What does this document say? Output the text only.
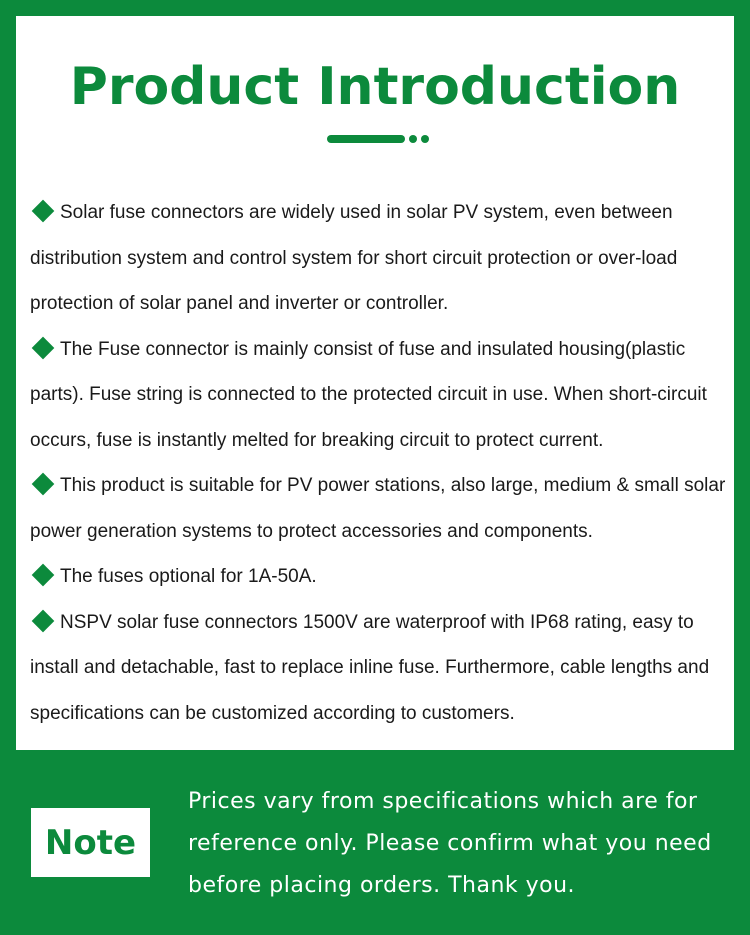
Product Introduction
Solar fuse connectors are widely used in solar PV system, even between distribution system and control system for short circuit protection or over-load protection of solar panel and inverter or controller.
The Fuse connector is mainly consist of fuse and insulated housing(plastic parts). Fuse string is connected to the protected circuit in use. When short-circuit occurs, fuse is instantly melted for breaking circuit to protect current.
This product is suitable for PV power stations, also large, medium & small solar power generation systems to protect accessories and components.
The fuses optional for 1A-50A.
NSPV solar fuse connectors 1500V are waterproof with IP68 rating, easy to install and detachable, fast to replace inline fuse. Furthermore, cable lengths and specifications can be customized according to customers.
Note
Prices vary from specifications which are for reference only. Please confirm what you need before placing orders. Thank you.
